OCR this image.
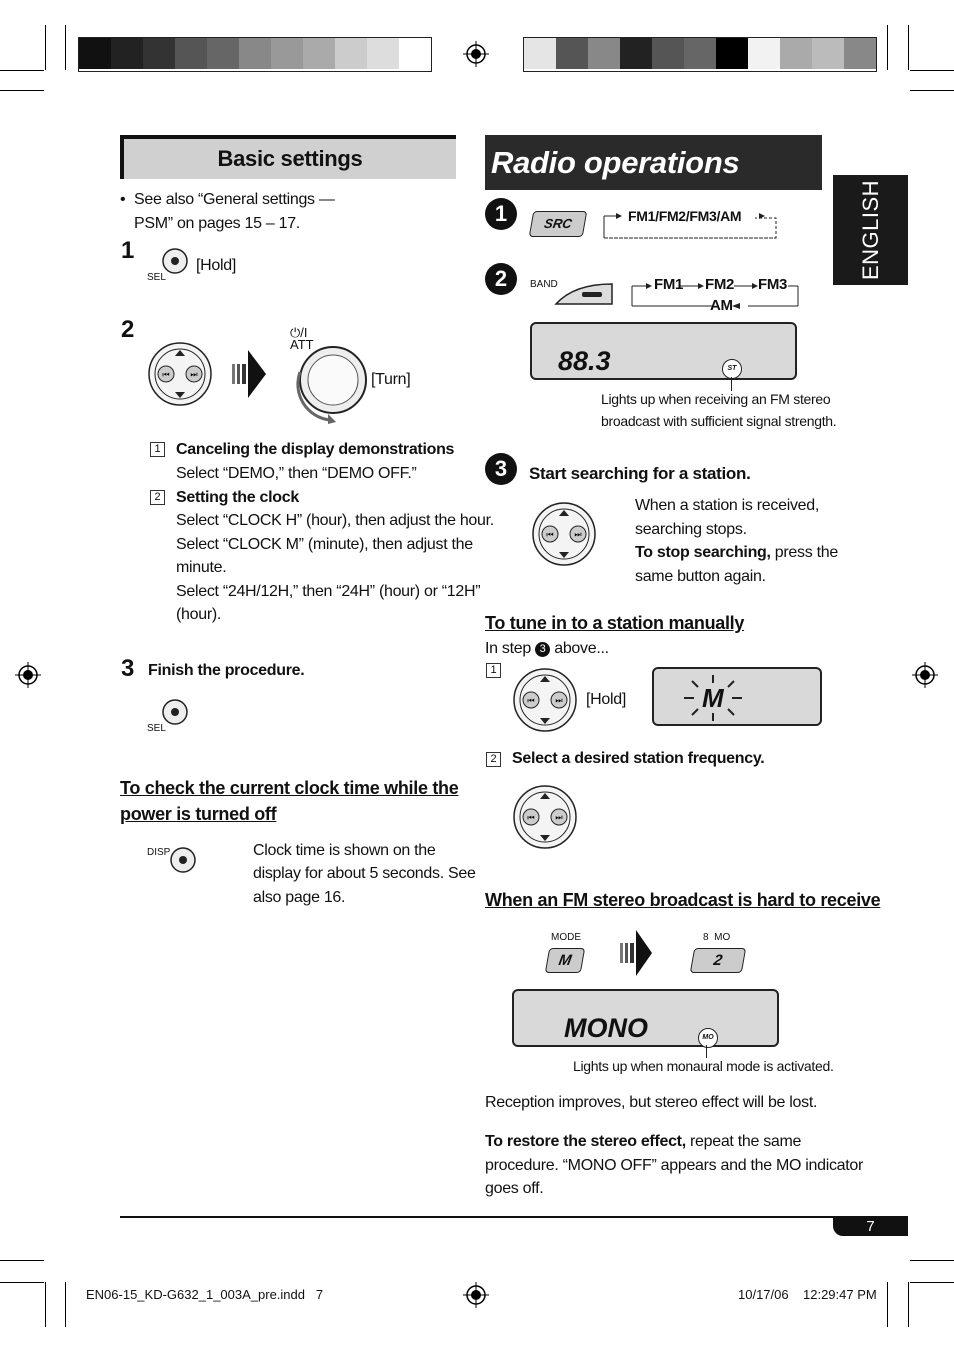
Basic settings
• See also “General settings — PSM” on pages 15 – 17.
1
SEL
[Hold]
2
⏮	⏭
⏻/I
ATT
[Turn]
1 Canceling the display demonstrations
Select “DEMO,” then “DEMO OFF.”
2 Setting the clock
Select “CLOCK H” (hour), then adjust the hour.
Select “CLOCK M” (minute), then adjust the
minute.
Select “24H/12H,” then “24H” (hour) or “12H”
(hour).
3 Finish the procedure.
SEL
To check the current clock time while the
power is turned off
DISP	Clock time is shown on the
display for about 5 seconds. See
also page 16.
Radio operations
ENGLISH
1	SRC	FM1/FM2/FM3/AM
2	BAND	FM1 FM2 FM3
AM
88.3	ST
Lights up when receiving an FM stereo
broadcast with sufficient signal strength.
3	Start searching for a station.
⏮	⏭
When a station is received,
searching stops.
To stop searching, press the
same button again.
To tune in to a station manually
In step 3 above...
1
⏮	⏭ [Hold]	M
2 Select a desired station frequency.
⏮	⏭
When an FM stereo broadcast is hard to receive
MODE
M
8  MO
2
MONO	MO
Lights up when monaural mode is activated.
Reception improves, but stereo effect will be lost.
To restore the stereo effect, repeat the same
procedure. “MONO OFF” appears and the MO indicator
goes off.
7
EN06-15_KD-G632_1_003A_pre.indd   7	10/17/06 12:29:47 PM
